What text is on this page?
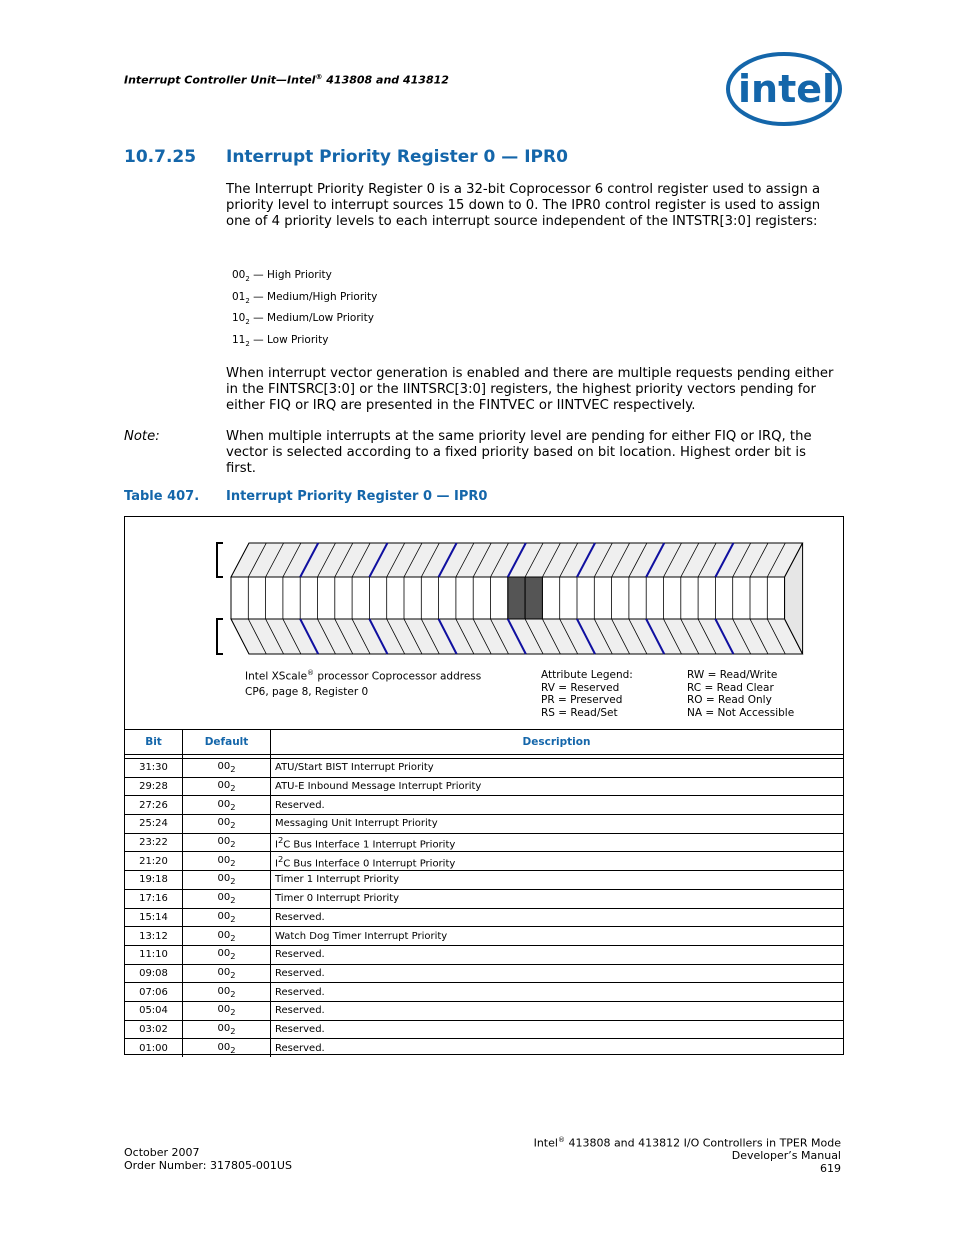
Interrupt Controller Unit—Intel® 413808 and 413812	intel
10.7.25 Interrupt Priority Register 0 — IPR0
The Interrupt Priority Register 0 is a 32-bit Coprocessor 6 control register used to assign a priority level to interrupt sources 15 down to 0. The IPR0 control register is used to assign one of 4 priority levels to each interrupt source independent of the INTSTR[3:0] registers:
$00_2$ — High Priority
$01_2$ — Medium/High Priority
$10_2$ — Medium/Low Priority
$11_2$ — Low Priority
When interrupt vector generation is enabled and there are multiple requests pending either in the FINTSRC[3:0] or the IINTSRC[3:0] registers, the highest priority vectors pending for either FIQ or IRQ are presented in the FINTVEC or IINTVEC respectively.
Note:	When multiple interrupts at the same priority level are pending for either FIQ or IRQ, the vector is selected according to a fixed priority based on bit location. Highest order bit is first.
Table 407. Interrupt Priority Register 0 — IPR0
Intel XScale® processor Coprocessor address
CP6, page 8, Register 0
Attribute Legend:
RV = Reserved
PR = Preserved
RS = Read/Set
RW = Read/Write
RC = Read Clear
RO = Read Only
NA = Not Accessible
Bit	Default	Description

31:30	$00_2$	ATU/Start BIST Interrupt Priority
29:28	$00_2$	ATU-E Inbound Message Interrupt Priority
27:26	$00_2$	Reserved.
25:24	$00_2$	Messaging Unit Interrupt Priority
23:22	$00_2$	$I^2C$ Bus Interface 1 Interrupt Priority
21:20	$00_2$	$I^2C$ Bus Interface 0 Interrupt Priority
19:18	$00_2$	Timer 1 Interrupt Priority
17:16	$00_2$	Timer 0 Interrupt Priority
15:14	$00_2$	Reserved.
13:12	$00_2$	Watch Dog Timer Interrupt Priority
11:10	$00_2$	Reserved.
09:08	$00_2$	Reserved.
07:06	$00_2$	Reserved.
05:04	$00_2$	Reserved.
03:02	$00_2$	Reserved.
01:00	$00_2$	Reserved.
October 2007
Order Number: 317805-001US
Intel® 413808 and 413812 I/O Controllers in TPER Mode
Developer’s Manual
619
